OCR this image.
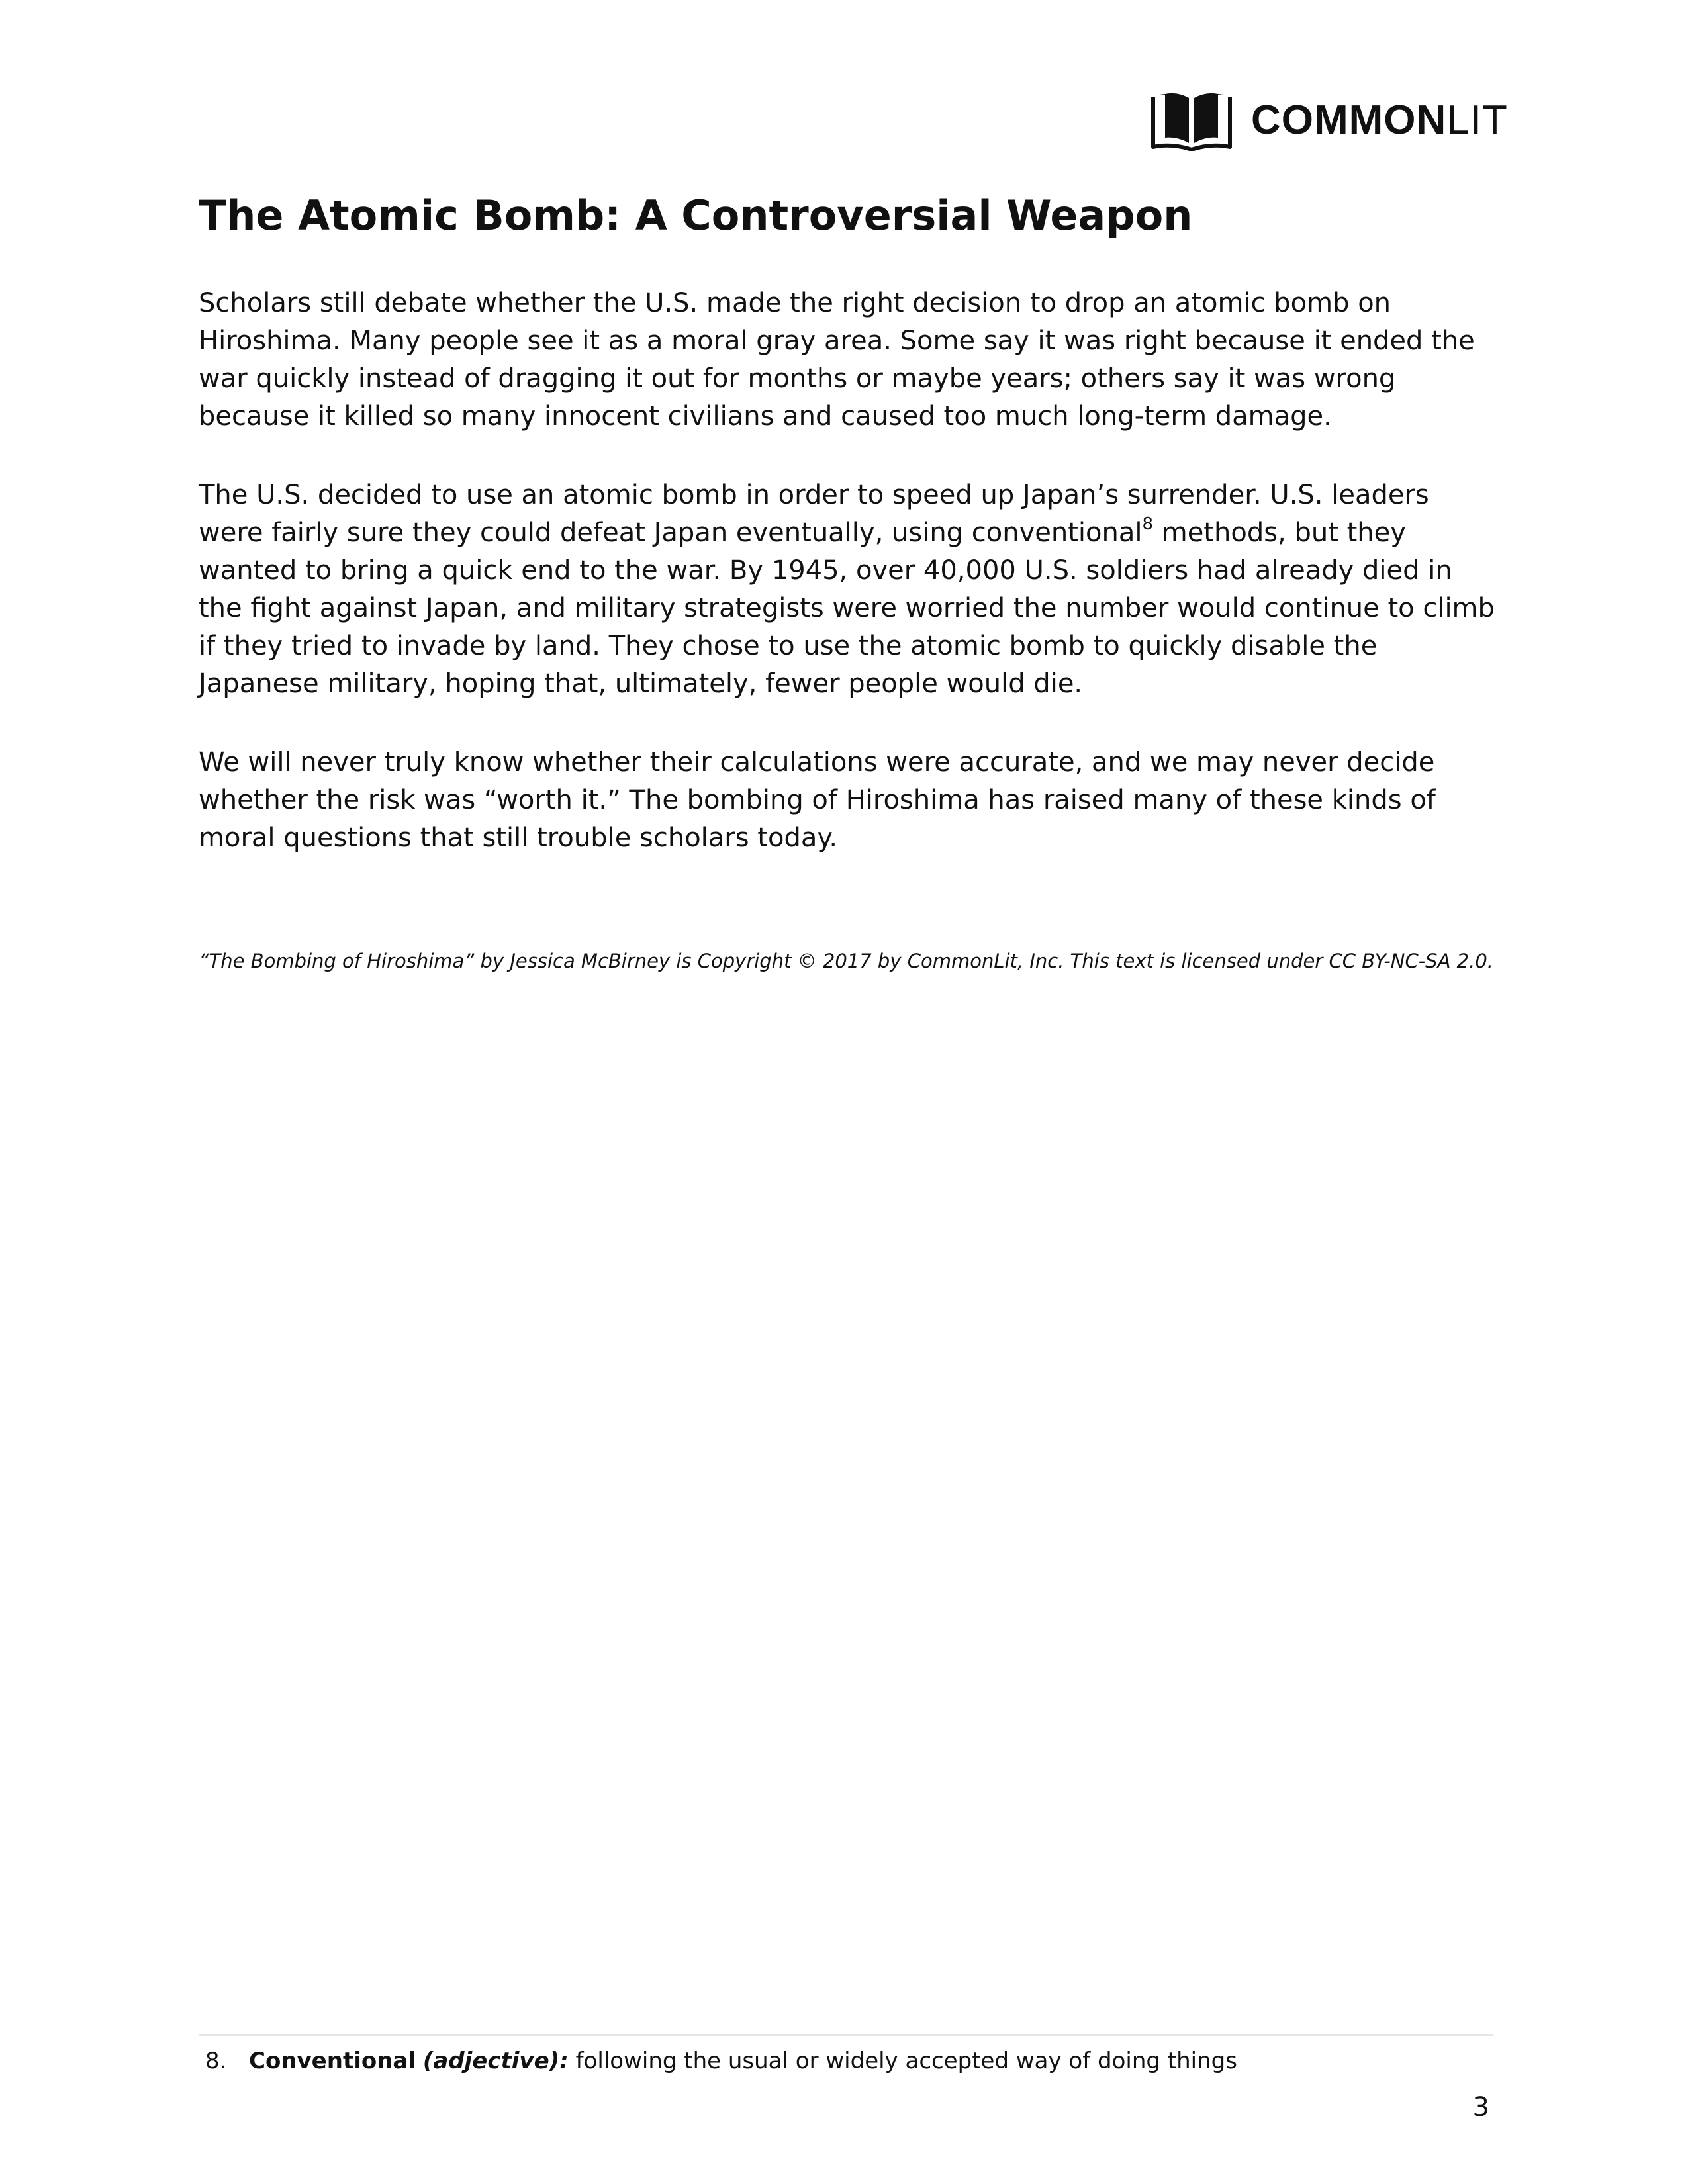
COMMONLIT
The Atomic Bomb: A Controversial Weapon

Scholars still debate whether the U.S. made the right decision to drop an atomic bomb on Hiroshima. Many people see it as a moral gray area. Some say it was right because it ended the war quickly instead of dragging it out for months or maybe years; others say it was wrong because it killed so many innocent civilians and caused too much long-term damage.

The U.S. decided to use an atomic bomb in order to speed up Japan’s surrender. U.S. leaders were fairly sure they could defeat Japan eventually, using conventional$^8$ methods, but they wanted to bring a quick end to the war. By 1945, over 40,000 U.S. soldiers had already died in the fight against Japan, and military strategists were worried the number would continue to climb if they tried to invade by land. They chose to use the atomic bomb to quickly disable the Japanese military, hoping that, ultimately, fewer people would die.

We will never truly know whether their calculations were accurate, and we may never decide whether the risk was “worth it.” The bombing of Hiroshima has raised many of these kinds of moral questions that still trouble scholars today.

“The Bombing of Hiroshima” by Jessica McBirney is Copyright © 2017 by CommonLit, Inc. This text is licensed under CC BY-NC-SA 2.0.

8. Conventional (adjective): following the usual or widely accepted way of doing things
3
